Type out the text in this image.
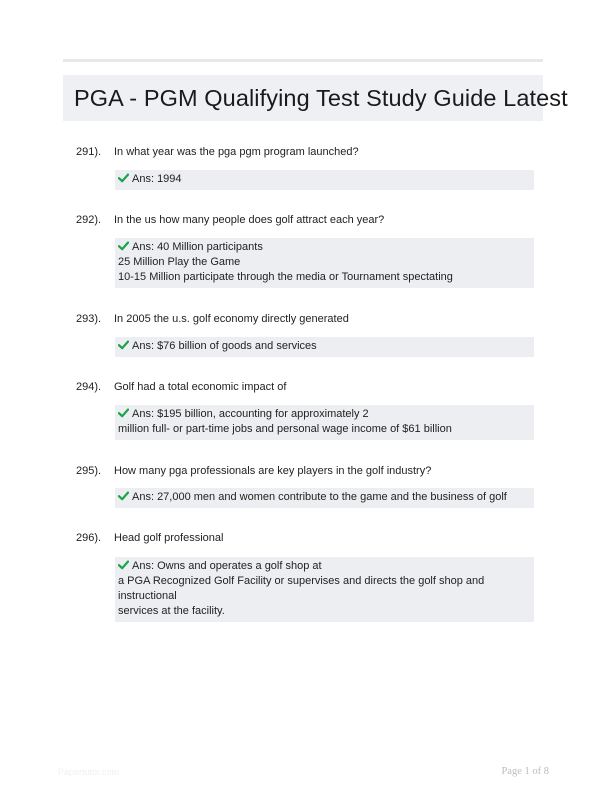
PGA - PGM Qualifying Test Study Guide Latest
291). In what year was the pga pgm program launched?
Ans: 1994
292). In the us how many people does golf attract each year?
Ans: 40 Million participants
25 Million Play the Game
10-15 Million participate through the media or Tournament spectating
293). In 2005 the u.s. golf economy directly generated
Ans: $76 billion of goods and services
294). Golf had a total economic impact of
Ans: $195 billion, accounting for approximately 2
million full- or part-time jobs and personal wage income of $61 billion
295). How many pga professionals are key players in the golf industry?
Ans: 27,000 men and women contribute to the game and the business of golf
296). Head golf professional
Ans: Owns and operates a golf shop at
a PGA Recognized Golf Facility or supervises and directs the golf shop and
instructional
services at the facility.
Papertutor.com	Page 1 of 8
